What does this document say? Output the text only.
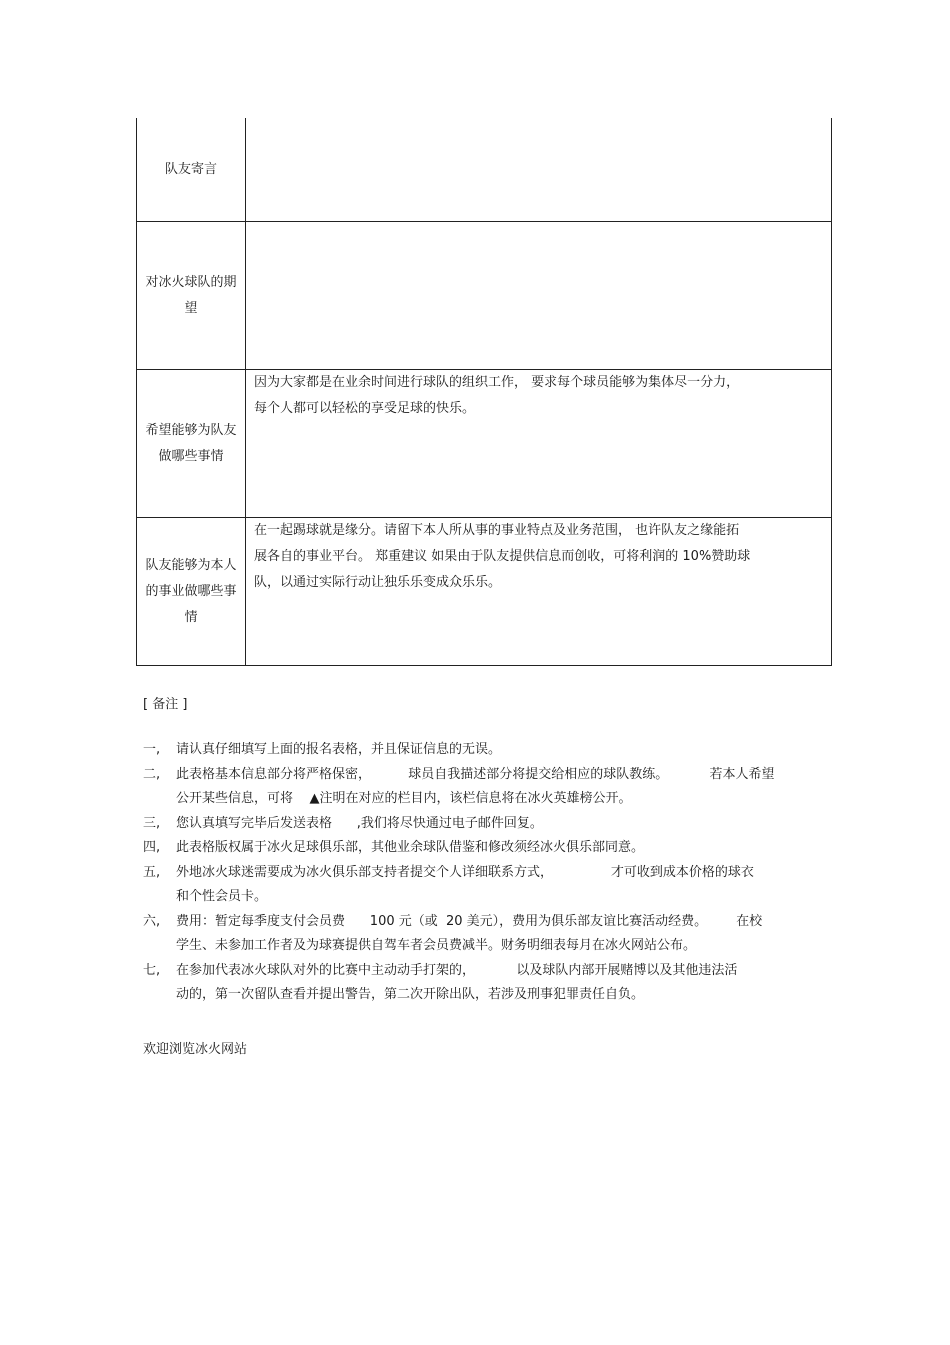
队友寄言	
对冰火球队的期望	
希望能够为队友做哪些事情	因为大家都是在业余时间进行球队的组织工作， 要求每个球员能够为集体尽一分力，

每个人都可以轻松的享受足球的快乐。

队友能够为本人的事业做哪些事情	在一起踢球就是缘分。请留下本人所从事的事业特点及业务范围， 也许队友之缘能拓

展各自的事业平台。 郑重建议 如果由于队友提供信息而创收，可将利润的 10%赞助球

队，以通过实际行动让独乐乐变成众乐乐。

[ 备注 ]

一,	请认真仔细填写上面的报名表格，并且保证信息的无误。
二,	此表格基本信息部分将严格保密，         球员自我描述部分将提交给相应的球队教练。          若本人希望
公开某些信息，可将    ▲注明在对应的栏目内，该栏信息将在冰火英雄榜公开。
三,	您认真填写完毕后发送表格      ,我们将尽快通过电子邮件回复。
四,	此表格版权属于冰火足球俱乐部，其他业余球队借鉴和修改须经冰火俱乐部同意。
五,	外地冰火球迷需要成为冰火俱乐部支持者提交个人详细联系方式，              才可收到成本价格的球衣
和个性会员卡。
六,	费用：暂定每季度支付会员费      100 元（或  20 美元），费用为俱乐部友谊比赛活动经费。       在校
学生、未参加工作者及为球赛提供自驾车者会员费减半。财务明细表每月在冰火网站公布。
七,	在参加代表冰火球队对外的比赛中主动动手打架的，          以及球队内部开展赌博以及其他违法活
动的，第一次留队查看并提出警告，第二次开除出队，若涉及刑事犯罪责任自负。

欢迎浏览冰火网站
